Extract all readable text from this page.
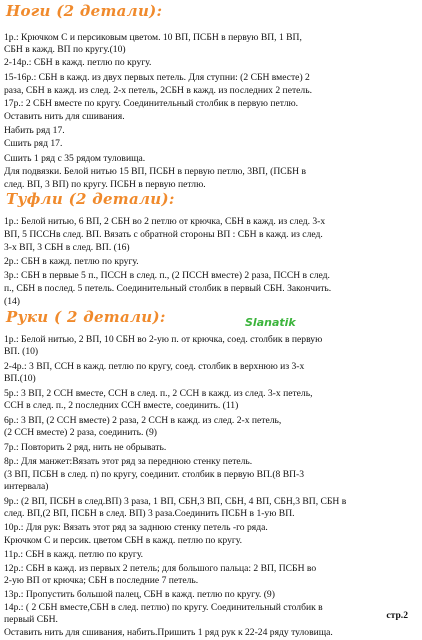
Ноги (2 детали):
1р.: Крючком С и персиковым цветом. 10 ВП, ПСБН в первую ВП, 1 ВП,
СБН в кажд. ВП по кругу.(10)
2-14р.: СБН в кажд. петлю по кругу.
15-16р.: СБН в кажд. из двух первых петель. Для ступни: (2 СБН вместе) 2
раза, СБН в кажд. из след. 2-х петель, 2СБН в кажд. из последних 2 петель.
17р.: 2 СБН вместе по кругу. Соединительный столбик в первую петлю.
Оставить нить для сшивания.
Набить ряд 17.
Сшить ряд 17.
Сшить 1 ряд с 35 рядом туловища.
Для подвязки. Белой нитью 15 ВП, ПСБН в первую петлю, 3ВП, (ПСБН в
след. ВП, 3 ВП) по кругу. ПСБН в первую петлю.
Туфли (2 детали):
1р.: Белой нитью, 6 ВП, 2 СБН во 2 петлю от крючка, СБН в кажд. из след. 3-х
ВП, 5 ПССНв след. ВП. Вязать с обратной стороны ВП : СБН в кажд. из след.
3-х ВП, 3 СБН в след. ВП. (16)
2р.: СБН в кажд. петлю по кругу.
3р.: СБН в первые 5 п., ПССН в след. п., (2 ПССН вместе) 2 раза, ПССН в след.
п., СБН в послед. 5 петель. Соединительный столбик в первый СБН. Закончить.
(14)
Руки ( 2 детали):	Slanatik
1р.: Белой нитью, 2 ВП, 10 СБН во 2-ую п. от крючка, соед. столбик в первую
ВП. (10)
2-4р.: 3 ВП, ССН в кажд. петлю по кругу, соед. столбик в верхнюю из 3-х
ВП.(10)
5р.: 3 ВП, 2 ССН вместе, ССН в след. п., 2 ССН в кажд. из след. 3-х петель,
ССН в след. п., 2 последних ССН вместе, соединить. (11)
6р.: 3 ВП, (2 ССН вместе) 2 раза, 2 ССН в кажд. из след. 2-х петель,
(2 ССН вместе) 2 раза, соединить. (9)
7р.: Повторить 2 ряд, нить не обрывать.
8р.: Для манжет:Вязать этот ряд за переднюю стенку петель.
(3 ВП, ПСБН в след. п) по кругу, соединит. столбик в первую ВП.(8 ВП-3
интервала)
9р.: (2 ВП, ПСБН в след.ВП) 3 раза, 1 ВП, СБН,3 ВП, СБН, 4 ВП, СБН,3 ВП, СБН в
след. ВП,(2 ВП, ПСБН в след. ВП) 3 раза.Соединить ПСБН в 1-ую ВП.
10р.: Для рук: Вязать этот ряд за заднюю стенку петель -го ряда.
Крючком С и персик. цветом СБН в кажд. петлю по кругу.
11р.: СБН в кажд. петлю по кругу.
12р.: СБН в кажд. из первых 2 петель; для большого пальца: 2 ВП, ПСБН во
2-ую ВП от крючка; СБН в последние 7 петель.
13р.: Пропустить большой палец, СБН в кажд. петлю по кругу. (9)
14р.: ( 2 СБН вместе,СБН в след. петлю) по кругу. Соединительный столбик в
первый СБН.
Оставить нить для сшивания, набить.Пришить 1 ряд рук к 22-24 ряду туловища.
стр.2
